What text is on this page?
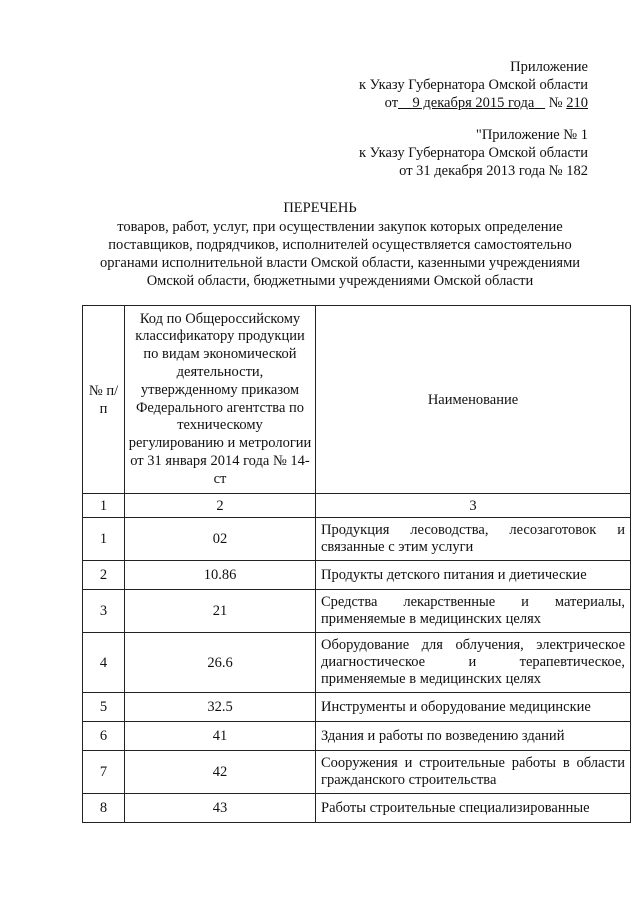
Приложение
к Указу Губернатора Омской области
от 9 декабря 2015 года № 210
"Приложение № 1
к Указу Губернатора Омской области
от 31 декабря 2013 года № 182
ПЕРЕЧЕНЬ
товаров, работ, услуг, при осуществлении закупок которых определение
поставщиков, подрядчиков, исполнителей осуществляется самостоятельно
органами исполнительной власти Омской области, казенными учреждениями
Омской области, бюджетными учреждениями Омской области
№ п/п	Код по Общероссийскому классификатору продукции по видам экономической деятельности, утвержденному приказом Федерального агентства по техническому регулированию и метрологии от 31 января 2014 года № 14-ст	Наименование
1	2	3
1	02	Продукция лесоводства, лесозаготовок и связанные с этим услуги
2	10.86	Продукты детского питания и диетические
3	21	Средства лекарственные и материалы, применяемые в медицинских целях
4	26.6	Оборудование для облучения, электрическое диагностическое и терапевтическое, применяемые в медицинских целях
5	32.5	Инструменты и оборудование медицинские
6	41	Здания и работы по возведению зданий
7	42	Сооружения и строительные работы в области гражданского строительства
8	43	Работы строительные специализированные
